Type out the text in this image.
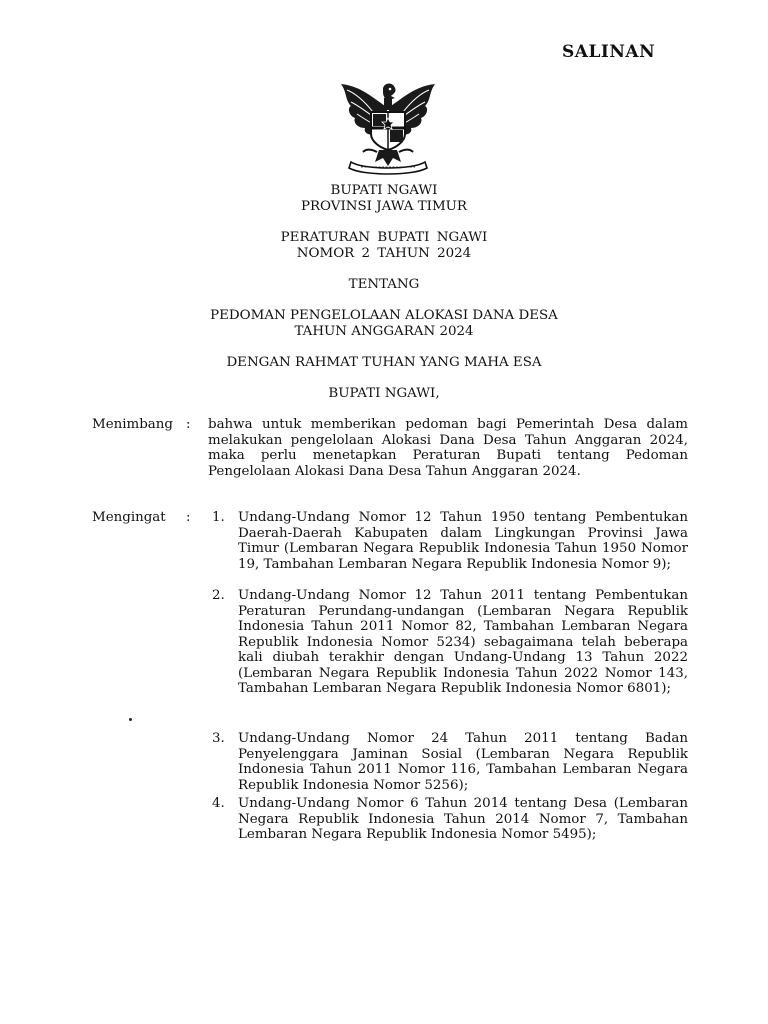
SALINAN
BUPATI NGAWI
PROVINSI JAWA TIMUR
PERATURAN BUPATI NGAWI
NOMOR 2 TAHUN 2024
TENTANG
PEDOMAN PENGELOLAAN ALOKASI DANA DESA
TAHUN ANGGARAN 2024
DENGAN RAHMAT TUHAN YANG MAHA ESA
BUPATI NGAWI,
Menimbang : bahwa untuk memberikan pedoman bagi Pemerintah Desa dalam melakukan pengelolaan Alokasi Dana Desa Tahun Anggaran 2024, maka perlu menetapkan Peraturan Bupati tentang Pedoman Pengelolaan Alokasi Dana Desa Tahun Anggaran 2024.
Mengingat : 1. Undang-Undang Nomor 12 Tahun 1950 tentang Pembentukan Daerah-Daerah Kabupaten dalam Lingkungan Provinsi Jawa Timur (Lembaran Negara Republik Indonesia Tahun 1950 Nomor 19, Tambahan Lembaran Negara Republik Indonesia Nomor 9);
2. Undang-Undang Nomor 12 Tahun 2011 tentang Pembentukan Peraturan Perundang-undangan (Lembaran Negara Republik Indonesia Tahun 2011 Nomor 82, Tambahan Lembaran Negara Republik Indonesia Nomor 5234) sebagaimana telah beberapa kali diubah terakhir dengan Undang-Undang 13 Tahun 2022 (Lembaran Negara Republik Indonesia Tahun 2022 Nomor 143, Tambahan Lembaran Negara Republik Indonesia Nomor 6801);
3. Undang-Undang Nomor 24 Tahun 2011 tentang Badan Penyelenggara Jaminan Sosial (Lembaran Negara Republik Indonesia Tahun 2011 Nomor 116, Tambahan Lembaran Negara Republik Indonesia Nomor 5256);
4. Undang-Undang Nomor 6 Tahun 2014 tentang Desa (Lembaran Negara Republik Indonesia Tahun 2014 Nomor 7, Tambahan Lembaran Negara Republik Indonesia Nomor 5495);
